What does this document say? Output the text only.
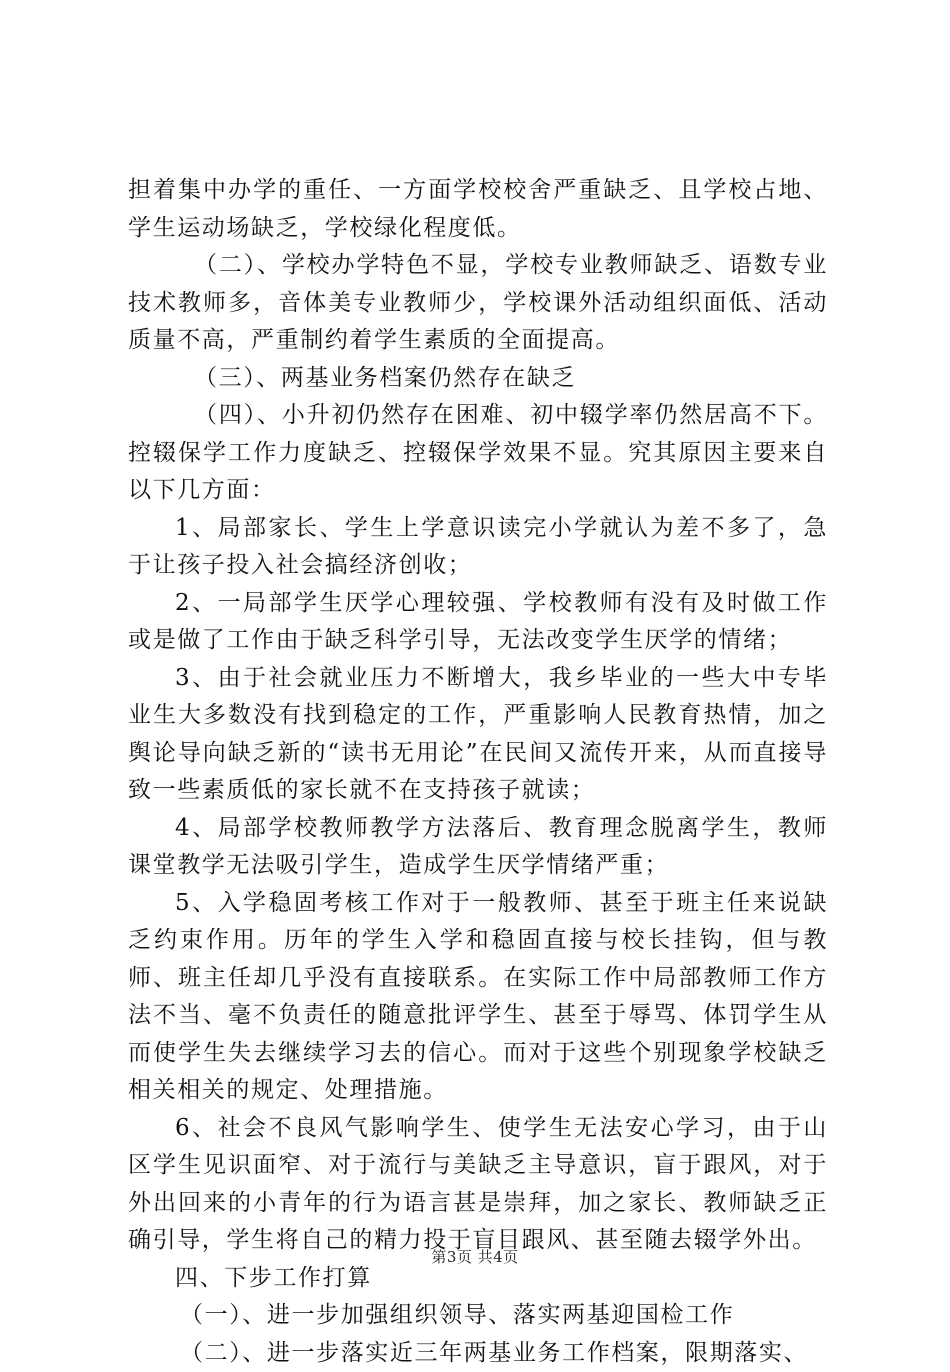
担着集中办学的重任、一方面学校校舍严重缺乏、且学校占地、学生运动场缺乏，学校绿化程度低。

（二）、学校办学特色不显，学校专业教师缺乏、语数专业技术教师多，音体美专业教师少，学校课外活动组织面低、活动质量不高，严重制约着学生素质的全面提高。

（三）、两基业务档案仍然存在缺乏

（四）、小升初仍然存在困难、初中辍学率仍然居高不下。控辍保学工作力度缺乏、控辍保学效果不显。究其原因主要来自以下几方面：

1、局部家长、学生上学意识读完小学就认为差不多了，急于让孩子投入社会搞经济创收；

2、一局部学生厌学心理较强、学校教师有没有及时做工作或是做了工作由于缺乏科学引导，无法改变学生厌学的情绪；

3、由于社会就业压力不断增大，我乡毕业的一些大中专毕业生大多数没有找到稳定的工作，严重影响人民教育热情，加之舆论导向缺乏新的“读书无用论”在民间又流传开来，从而直接导致一些素质低的家长就不在支持孩子就读；

4、局部学校教师教学方法落后、教育理念脱离学生，教师课堂教学无法吸引学生，造成学生厌学情绪严重；

5、入学稳固考核工作对于一般教师、甚至于班主任来说缺乏约束作用。历年的学生入学和稳固直接与校长挂钩，但与教师、班主任却几乎没有直接联系。在实际工作中局部教师工作方法不当、毫不负责任的随意批评学生、甚至于辱骂、体罚学生从而使学生失去继续学习去的信心。而对于这些个别现象学校缺乏相关相关的规定、处理措施。

6、社会不良风气影响学生、使学生无法安心学习，由于山区学生见识面窄、对于流行与美缺乏主导意识，盲于跟风，对于外出回来的小青年的行为语言甚是崇拜，加之家长、教师缺乏正确引导，学生将自己的精力投于盲目跟风、甚至随去辍学外出。

四、下步工作打算

（一）、进一步加强组织领导、落实两基迎国检工作

（二）、进一步落实近三年两基业务工作档案，限期落实、

第3页 共4页
